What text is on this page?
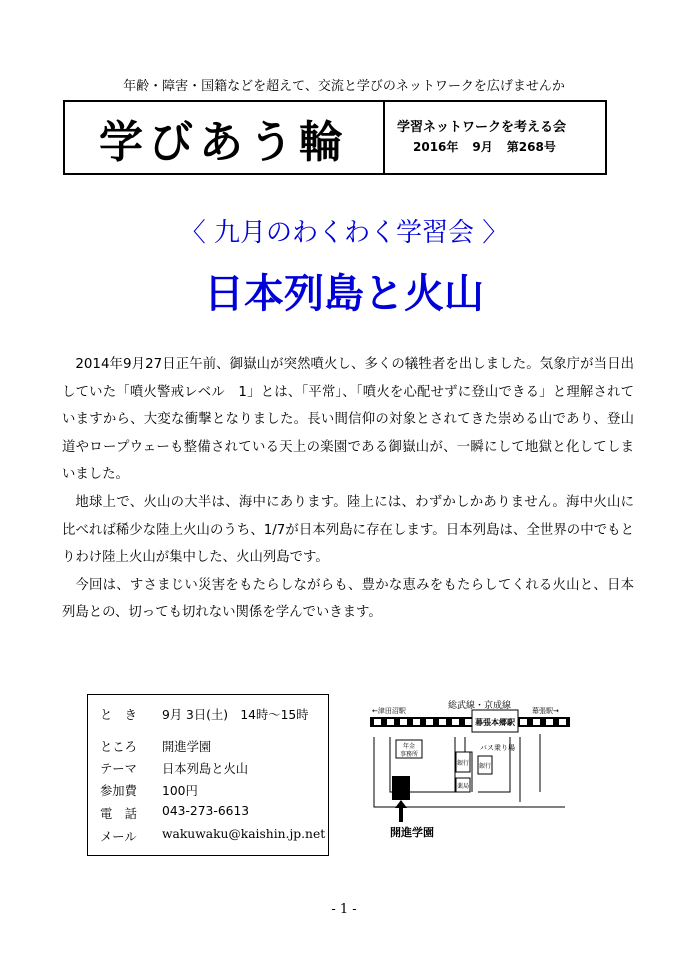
年齢・障害・国籍などを超えて、交流と学びのネットワークを広げませんか
学びあう輪	学習ネットワークを考える会
2016年 9月 第268号
〈 九月のわくわく学習会 〉
日本列島と火山

2014年9月27日正午前、御嶽山が突然噴火し、多くの犠牲者を出しました。気象庁が当日出していた「噴火警戒レベル　1」とは、「平常」、「噴火を心配せずに登山できる」と理解されていますから、大変な衝撃となりました。長い間信仰の対象とされてきた崇める山であり、登山道やロープウェーも整備されている天上の楽園である御嶽山が、一瞬にして地獄と化してしまいました。

地球上で、火山の大半は、海中にあります。陸上には、わずかしかありません。海中火山に比べれば稀少な陸上火山のうち、1/7が日本列島に存在します。日本列島は、全世界の中でもとりわけ陸上火山が集中した、火山列島です。

今回は、すさまじい災害をもたらしながらも、豊かな恵みをもたらしてくれる火山と、日本列島との、切っても切れない関係を学んでいきます。

と　き 9月 3日(土)　14時～15時
ところ 開進学園
テーマ 日本列島と火山
参加費 100円
電　話 043-273-6613
メール wakuwaku@kaishin.jp.net
幕張本郷駅
←津田沼駅	総武線・京成線	幕張駅→
年金
事務所
銀行
バス乗り場
銀行
薬局
開進学園
- 1 -
